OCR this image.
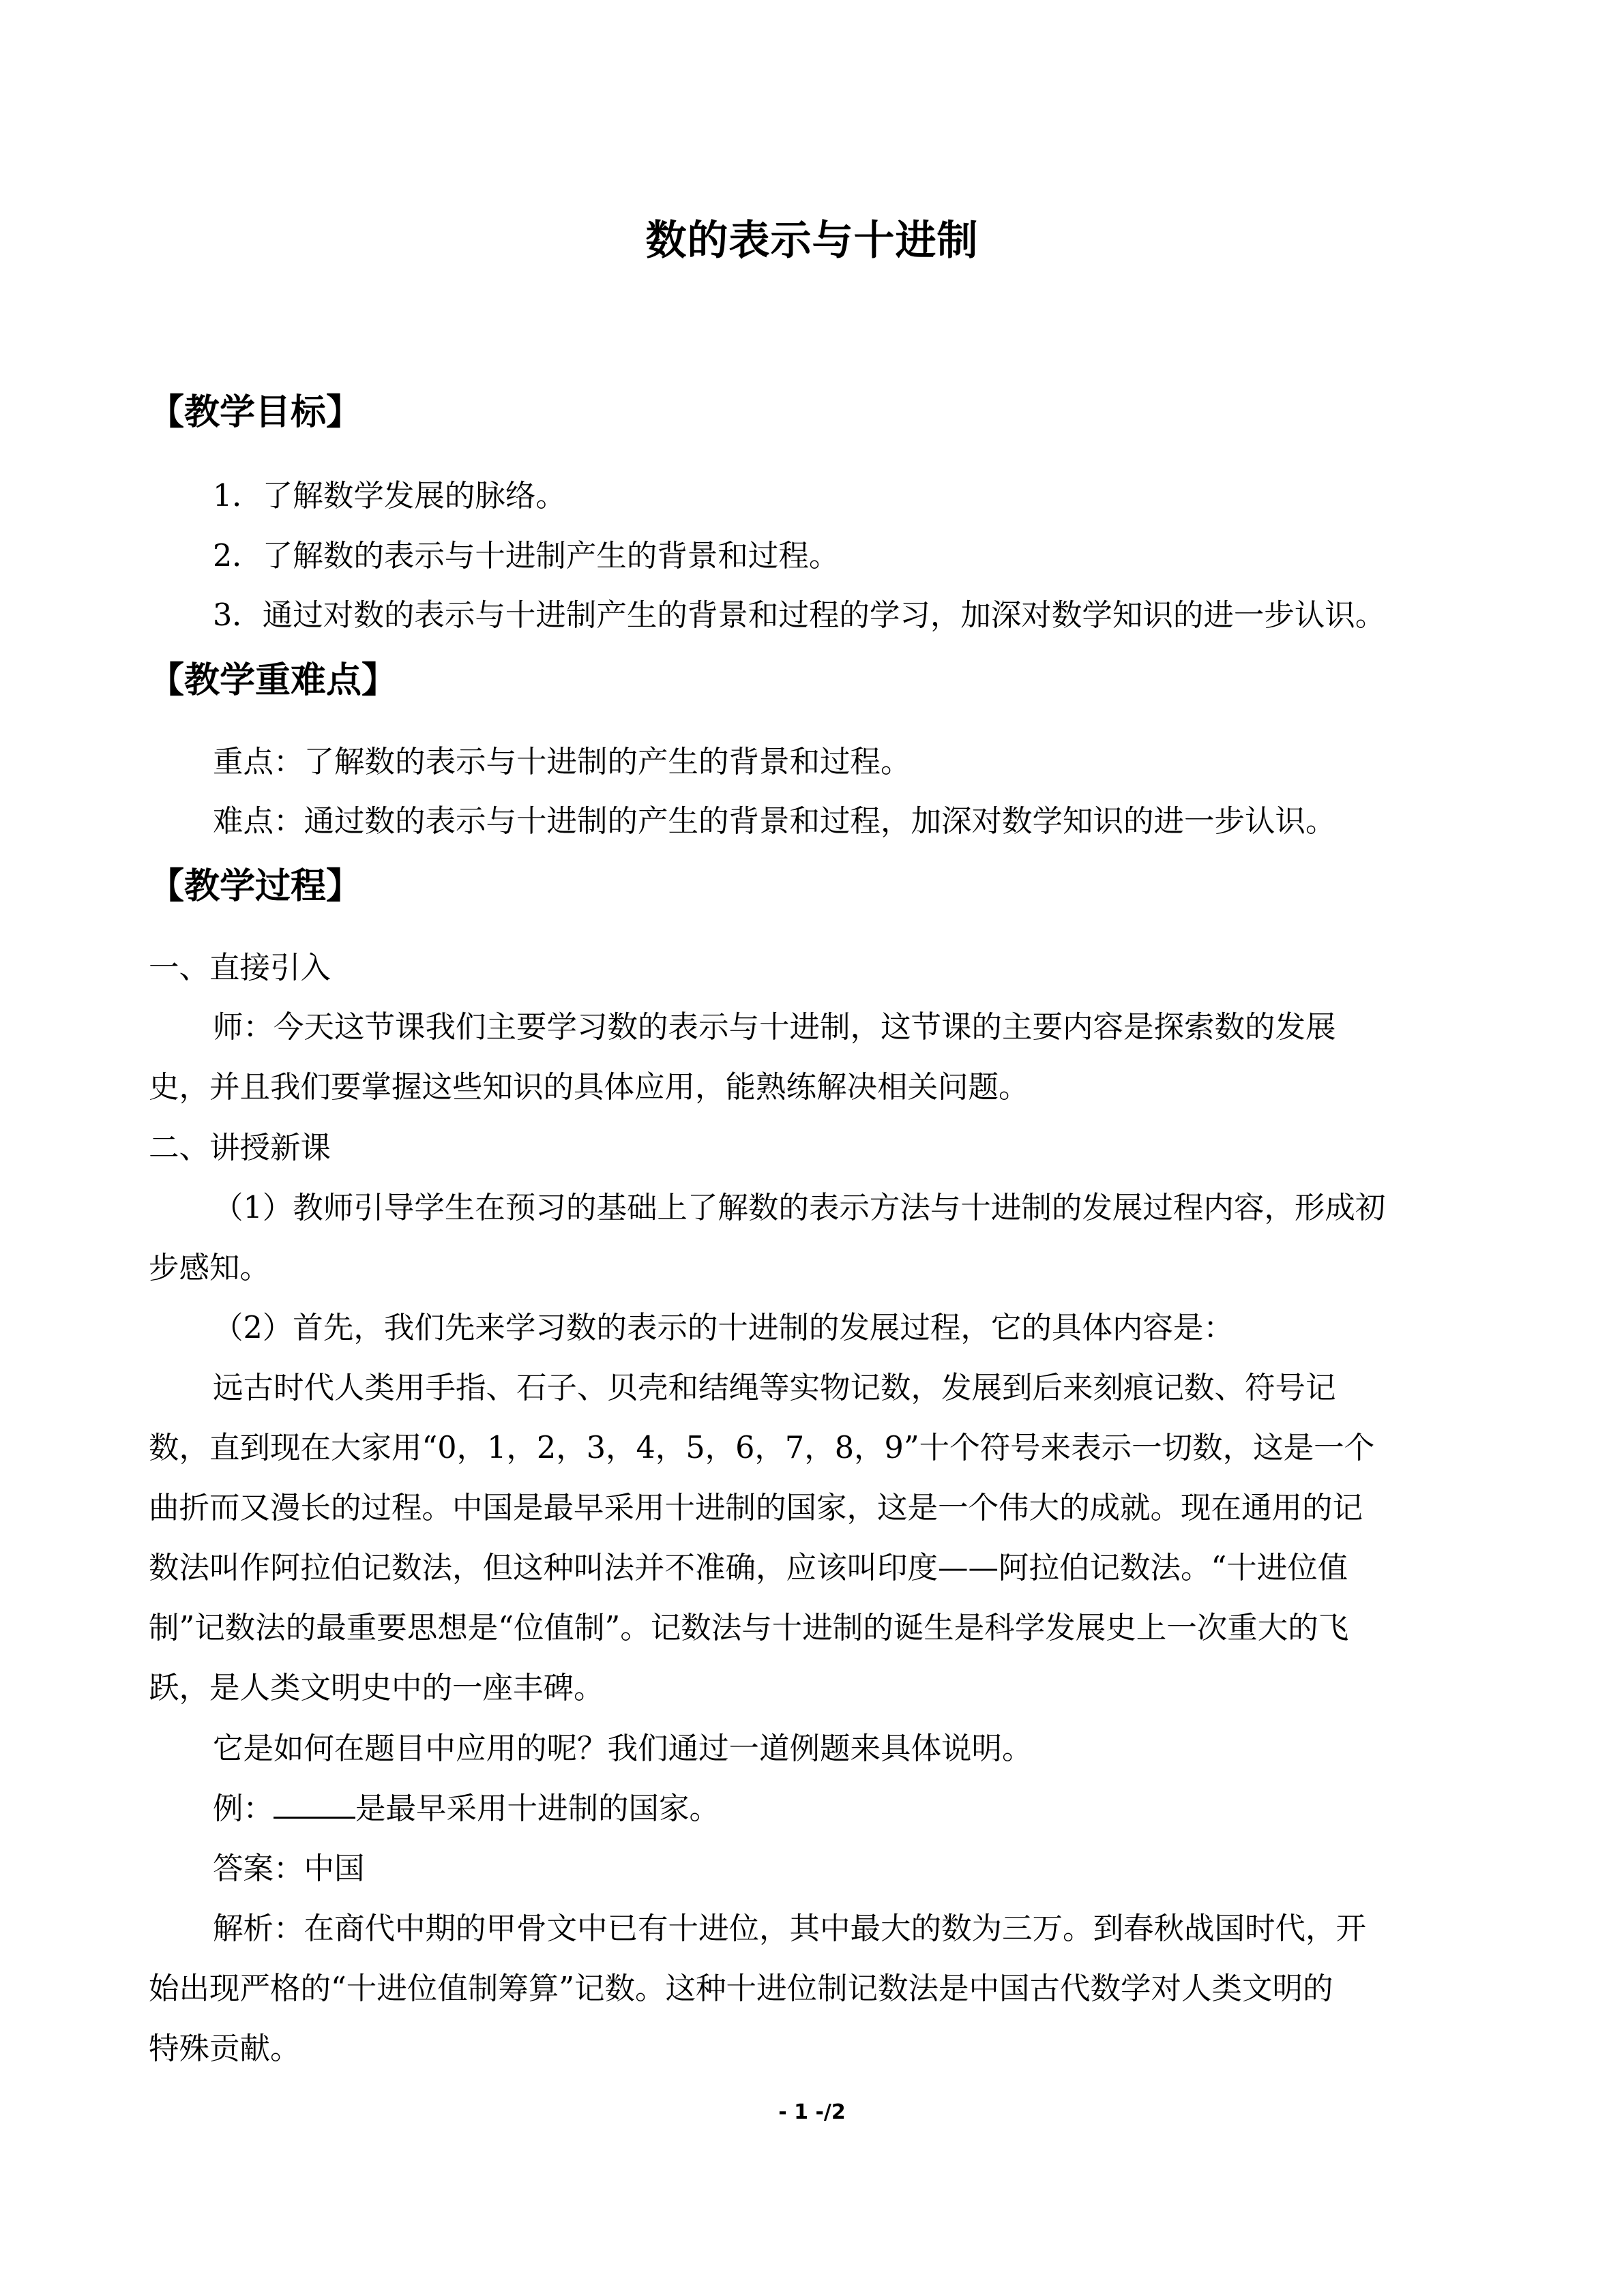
数的表示与十进制
【教学目标】
1．了解数学发展的脉络。
2．了解数的表示与十进制产生的背景和过程。
3．通过对数的表示与十进制产生的背景和过程的学习，加深对数学知识的进一步认识。
【教学重难点】
重点：了解数的表示与十进制的产生的背景和过程。
难点：通过数的表示与十进制的产生的背景和过程，加深对数学知识的进一步认识。
【教学过程】
一、直接引入
师：今天这节课我们主要学习数的表示与十进制，这节课的主要内容是探索数的发展
史，并且我们要掌握这些知识的具体应用，能熟练解决相关问题。
二、讲授新课
（1）教师引导学生在预习的基础上了解数的表示方法与十进制的发展过程内容，形成初
步感知。
（2）首先，我们先来学习数的表示的十进制的发展过程，它的具体内容是：
远古时代人类用手指、石子、贝壳和结绳等实物记数，发展到后来刻痕记数、符号记
数，直到现在大家用“0，1，2，3，4，5，6，7，8，9”十个符号来表示一切数，这是一个
曲折而又漫长的过程。中国是最早采用十进制的国家，这是一个伟大的成就。现在通用的记
数法叫作阿拉伯记数法，但这种叫法并不准确，应该叫印度——阿拉伯记数法。“十进位值
制”记数法的最重要思想是“位值制”。记数法与十进制的诞生是科学发展史上一次重大的飞
跃，是人类文明史中的一座丰碑。
它是如何在题目中应用的呢？我们通过一道例题来具体说明。
例：	是最早采用十进制的国家。
答案：中国
解析：在商代中期的甲骨文中已有十进位，其中最大的数为三万。到春秋战国时代，开
始出现严格的“十进位值制筹算”记数。这种十进位制记数法是中国古代数学对人类文明的
特殊贡献。
- 1 -/2
